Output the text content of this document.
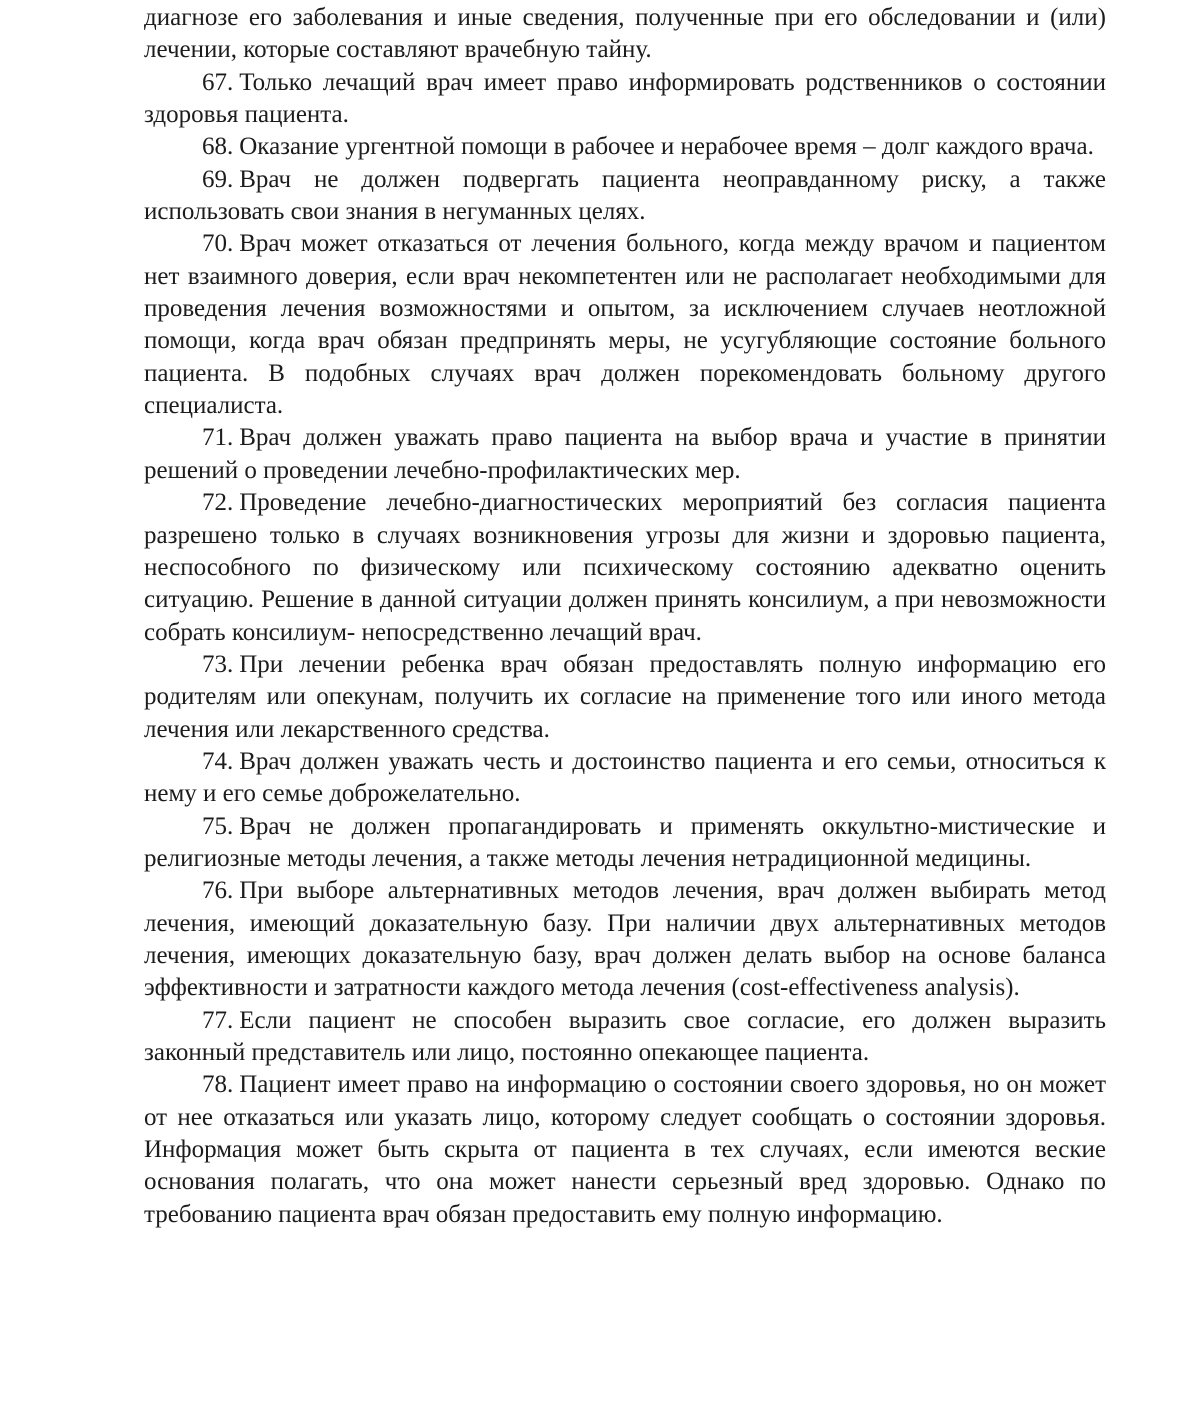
диагнозе его заболевания и иные сведения, полученные при его обследовании и (или) лечении, которые составляют врачебную тайну.

67. Только лечащий врач имеет право информировать родственников о состоянии здоровья пациента.

68. Оказание ургентной помощи в рабочее и нерабочее время – долг каждого врача.

69. Врач не должен подвергать пациента неоправданному риску, а также использовать свои знания в негуманных целях.

70. Врач может отказаться от лечения больного, когда между врачом и пациентом нет взаимного доверия, если врач некомпетентен или не располагает необходимыми для проведения лечения возможностями и опытом, за исключением случаев неотложной помощи, когда врач обязан предпринять меры, не усугубляющие состояние больного пациента. В подобных случаях врач должен порекомендовать больному другого специалиста.

71. Врач должен уважать право пациента на выбор врача и участие в принятии решений о проведении лечебно-профилактических мер.

72. Проведение лечебно-диагностических мероприятий без согласия пациента разрешено только в случаях возникновения угрозы для жизни и здоровью пациента, неспособного по физическому или психическому состоянию адекватно оценить ситуацию. Решение в данной ситуации должен принять консилиум, а при невозможности собрать консилиум- непосредственно лечащий врач.

73. При лечении ребенка врач обязан предоставлять полную информацию его родителям или опекунам, получить их согласие на применение того или иного метода лечения или лекарственного средства.

74. Врач должен уважать честь и достоинство пациента и его семьи, относиться к нему и его семье доброжелательно.

75. Врач не должен пропагандировать и применять оккультно-мистические и религиозные методы лечения, а также методы лечения нетрадиционной медицины.

76. При выборе альтернативных методов лечения, врач должен выбирать метод лечения, имеющий доказательную базу. При наличии двух альтернативных методов лечения, имеющих доказательную базу, врач должен делать выбор на основе баланса эффективности и затратности каждого метода лечения (cost-effectiveness analysis).

77. Если пациент не способен выразить свое согласие, его должен выразить законный представитель или лицо, постоянно опекающее пациента.

78. Пациент имеет право на информацию о состоянии своего здоровья, но он может от нее отказаться или указать лицо, которому следует сообщать о состоянии здоровья. Информация может быть скрыта от пациента в тех случаях, если имеются веские основания полагать, что она может нанести серьезный вред здоровью. Однако по требованию пациента врач обязан предоставить ему полную информацию.
